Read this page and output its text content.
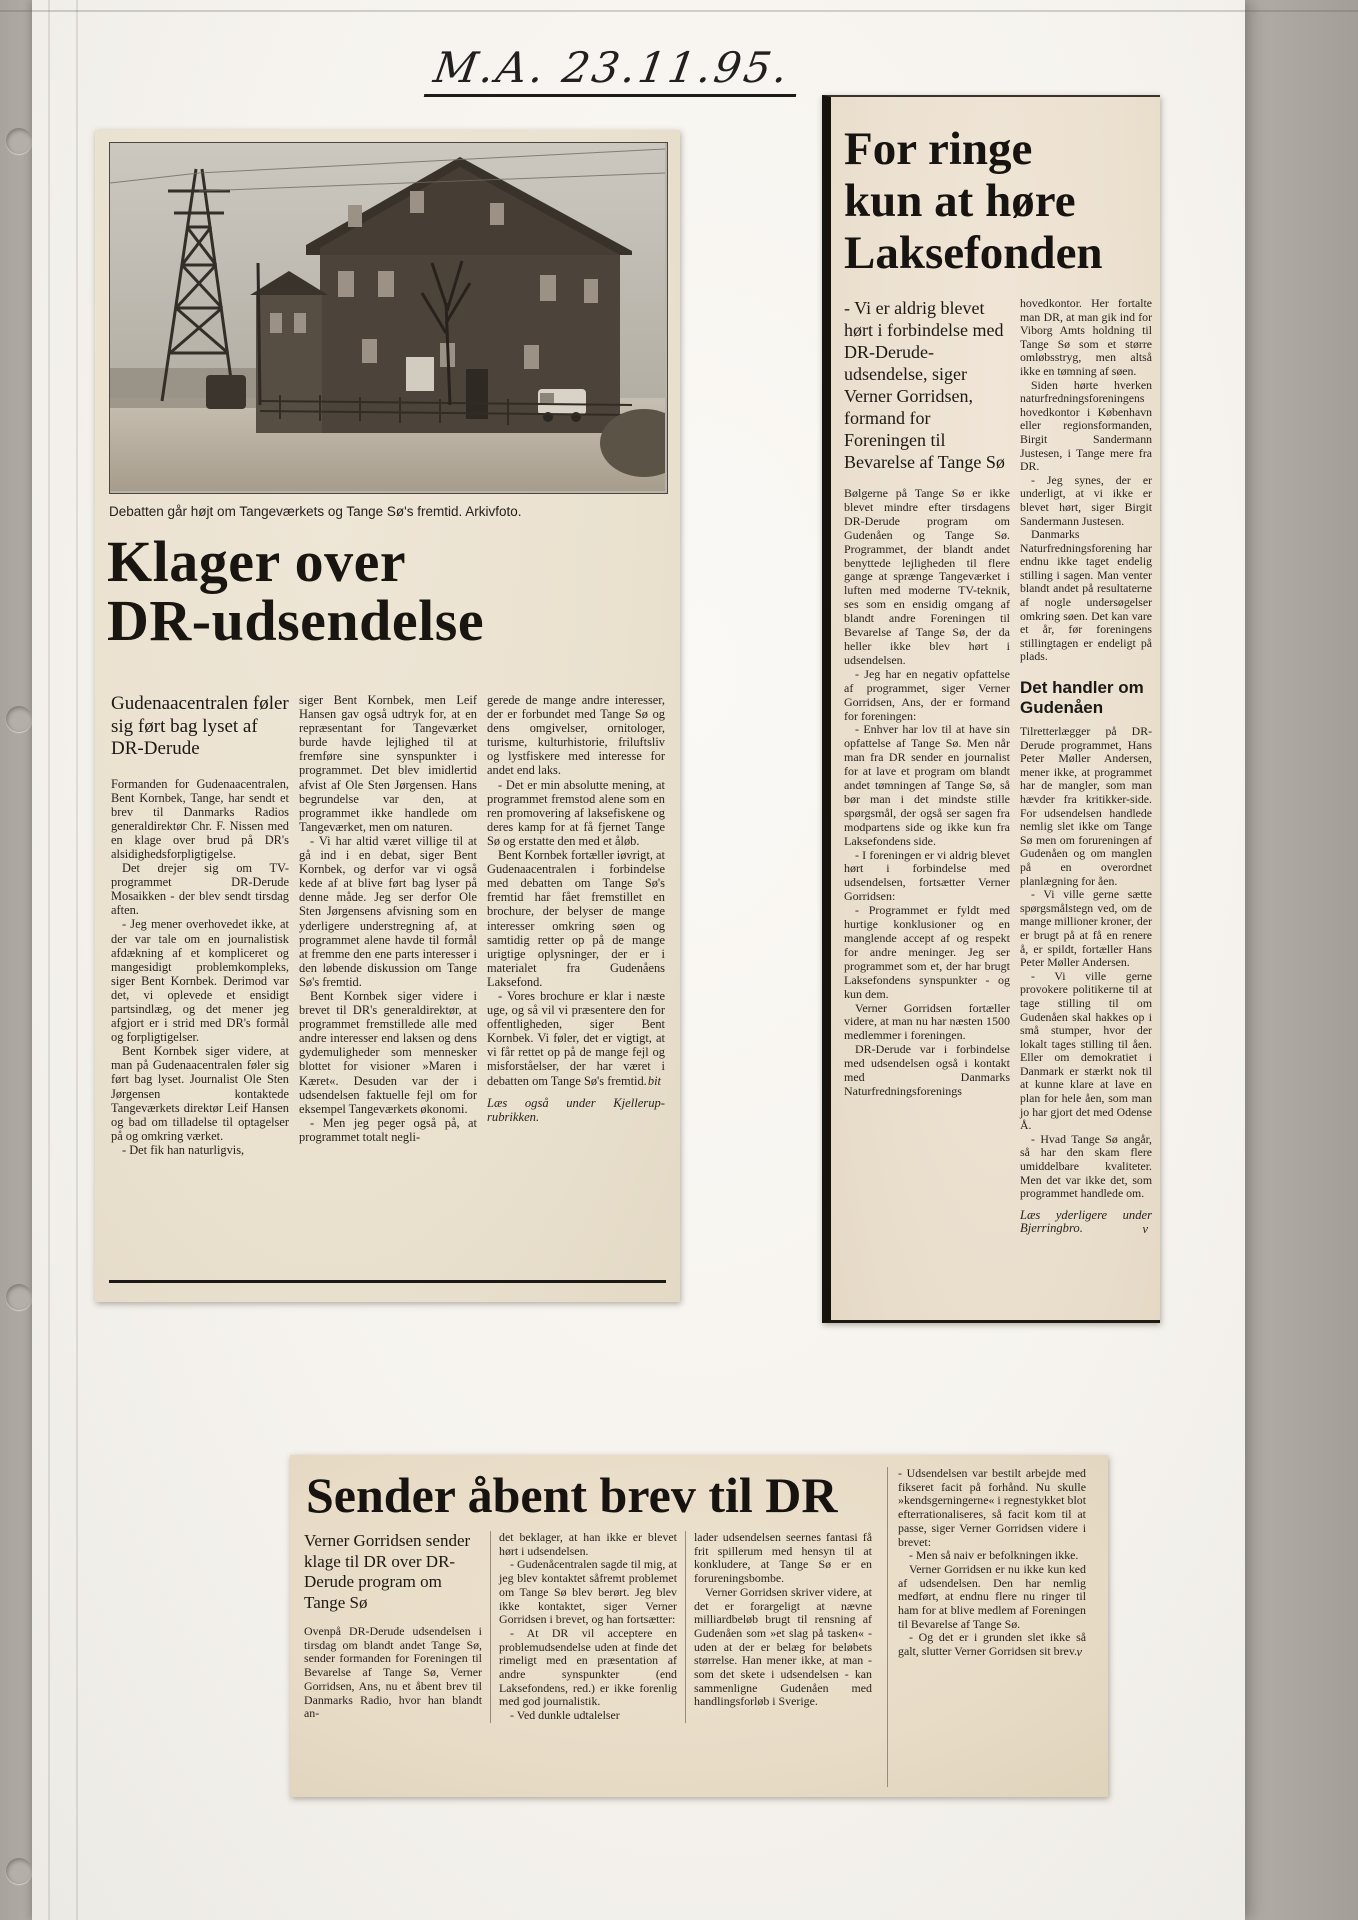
M.A. 23.11.95.
Debatten går højt om Tangeværkets og Tange Sø's fremtid. Arkivfoto.
Klager over
DR-udsendelse
Gudenaacentralen føler sig ført bag lyset af DR-Derude

Formanden for Gudenaacentralen, Bent Kornbek, Tange, har sendt et brev til Danmarks Radios generaldirektør Chr. F. Nissen med en klage over brud på DR's alsidighedsforpligtigelse.

Det drejer sig om TV-programmet DR-Derude Mosaikken - der blev sendt tirsdag aften.

- Jeg mener overhovedet ikke, at der var tale om en journalistisk afdækning af et kompliceret og mangesidigt problemkompleks, siger Bent Kornbek. Derimod var det, vi oplevede et ensidigt partsindlæg, og det mener jeg afgjort er i strid med DR's formål og forpligtigelser.

Bent Kornbek siger videre, at man på Gudenaacentralen føler sig ført bag lyset. Journalist Ole Sten Jørgensen kontaktede Tangeværkets direktør Leif Hansen og bad om tilladelse til optagelser på og omkring værket.

- Det fik han naturligvis,

siger Bent Kornbek, men Leif Hansen gav også udtryk for, at en repræsentant for Tangeværket burde havde lejlighed til at fremføre sine synspunkter i programmet. Det blev imidlertid afvist af Ole Sten Jørgensen. Hans begrundelse var den, at programmet ikke handlede om Tangeværket, men om naturen.

- Vi har altid været villige til at gå ind i en debat, siger Bent Kornbek, og derfor var vi også kede af at blive ført bag lyser på denne måde. Jeg ser derfor Ole Sten Jørgensens afvisning som en yderligere understregning af, at programmet alene havde til formål at fremme den ene parts interesser i den løbende diskussion om Tange Sø's fremtid.

Bent Kornbek siger videre i brevet til DR's generaldirektør, at programmet fremstillede alle med andre interesser end laksen og dens gydemuligheder som mennesker blottet for visioner »Maren i Kæret«. Desuden var der i udsendelsen faktuelle fejl om for eksempel Tangeværkets økonomi.

- Men jeg peger også på, at programmet totalt negli-

gerede de mange andre interesser, der er forbundet med Tange Sø og dens omgivelser, ornitologer, turisme, kulturhistorie, friluftsliv og lystfiskere med interesse for andet end laks.

- Det er min absolutte mening, at programmet fremstod alene som en ren promovering af laksefiskene og deres kamp for at få fjernet Tange Sø og erstatte den med et åløb.

Bent Kornbek fortæller iøvrigt, at Gudenaacentralen i forbindelse med debatten om Tange Sø's fremtid har fået fremstillet en brochure, der belyser de mange interesser omkring søen og samtidig retter op på de mange urigtige oplysninger, der er i materialet fra Gudenåens Laksefond.

- Vores brochure er klar i næste uge, og så vil vi præsentere den for offentligheden, siger Bent Kornbek. Vi føler, det er vigtigt, at vi får rettet op på de mange fejl og misforståelser, der har været i debatten om Tange Sø's fremtid. bit
Læs også under Kjellerup-rubrikken.
For ringe
kun at høre
Laksefonden
- Vi er aldrig blevet hørt i forbindelse med DR-Derude-udsendelse, siger Verner Gorridsen, formand for Foreningen til Bevarelse af Tange Sø

Bølgerne på Tange Sø er ikke blevet mindre efter tirsdagens DR-Derude program om Gudenåen og Tange Sø. Programmet, der blandt andet benyttede lejligheden til flere gange at sprænge Tangeværket i luften med moderne TV-teknik, ses som en ensidig omgang af blandt andre Foreningen til Bevarelse af Tange Sø, der da heller ikke blev hørt i udsendelsen.

- Jeg har en negativ opfattelse af programmet, siger Verner Gorridsen, Ans, der er formand for foreningen:

- Enhver har lov til at have sin opfattelse af Tange Sø. Men når man fra DR sender en journalist for at lave et program om blandt andet tømningen af Tange Sø, så bør man i det mindste stille spørgsmål, der også ser sagen fra modpartens side og ikke kun fra Laksefondens side.

- I foreningen er vi aldrig blevet hørt i forbindelse med udsendelsen, fortsætter Verner Gorridsen:

- Programmet er fyldt med hurtige konklusioner og en manglende accept af og respekt for andre meninger. Jeg ser programmet som et, der har brugt Laksefondens synspunkter - og kun dem.

Verner Gorridsen fortæller videre, at man nu har næsten 1500 medlemmer i foreningen.

DR-Derude var i forbindelse med udsendelsen også i kontakt med Danmarks Naturfredningsforenings

hovedkontor. Her fortalte man DR, at man gik ind for Viborg Amts holdning til Tange Sø som et større omløbsstryg, men altså ikke en tømning af søen.

Siden hørte hverken naturfredningsforeningens hovedkontor i København eller regionsformanden, Birgit Sandermann Justesen, i Tange mere fra DR.

- Jeg synes, der er underligt, at vi ikke er blevet hørt, siger Birgit Sandermann Justesen.

Danmarks Naturfredningsforening har endnu ikke taget endelig stilling i sagen. Man venter blandt andet på resultaterne af nogle undersøgelser omkring søen. Det kan vare et år, før foreningens stillingtagen er endeligt på plads.

Det handler om Gudenåen

Tilretterlægger på DR-Derude programmet, Hans Peter Møller Andersen, mener ikke, at programmet har de mangler, som man hævder fra kritikker-side. For udsendelsen handlede nemlig slet ikke om Tange Sø men om forureningen af Gudenåen og om manglen på en overordnet planlægning for åen.

- Vi ville gerne sætte spørgsmålstegn ved, om de mange millioner kroner, der er brugt på at få en renere å, er spildt, fortæller Hans Peter Møller Andersen.

- Vi ville gerne provokere politikerne til at tage stilling til om Gudenåen skal hakkes op i små stumper, hvor der lokalt tages stilling til åen. Eller om demokratiet i Danmark er stærkt nok til at kunne klare at lave en plan for hele åen, som man jo har gjort det med Odense Å.

- Hvad Tange Sø angår, så har den skam flere umiddelbare kvaliteter. Men det var ikke det, som programmet handlede om.

Læs yderligere under Bjerringbro.	v
Sender åbent brev til DR
Verner Gorridsen sender klage til DR over DR-Derude program om Tange Sø

Ovenpå DR-Derude udsendelsen i tirsdag om blandt andet Tange Sø, sender formanden for Foreningen til Bevarelse af Tange Sø, Verner Gorridsen, Ans, nu et åbent brev til Danmarks Radio, hvor han blandt an-

det beklager, at han ikke er blevet hørt i udsendelsen.

- Gudenåcentralen sagde til mig, at jeg blev kontaktet såfremt problemet om Tange Sø blev berørt. Jeg blev ikke kontaktet, siger Verner Gorridsen i brevet, og han fortsætter:

- At DR vil acceptere en problemudsendelse uden at finde det rimeligt med en præsentation af andre synspunkter (end Laksefondens, red.) er ikke forenlig med god journalistik.

- Ved dunkle udtalelser

lader udsendelsen seernes fantasi få frit spillerum med hensyn til at konkludere, at Tange Sø er en forureningsbombe.

Verner Gorridsen skriver videre, at det er forargeligt at nævne milliardbeløb brugt til rensning af Gudenåen som »et slag på tasken« - uden at der er belæg for beløbets størrelse. Han mener ikke, at man - som det skete i udsendelsen - kan sammenligne Gudenåen med handlingsforløb i Sverige.

- Udsendelsen var bestilt arbejde med fikseret facit på forhånd. Nu skulle »kendsgerningerne« i regnestykket blot efterrationaliseres, så facit kom til at passe, siger Verner Gorridsen videre i brevet:

- Men så naiv er befolkningen ikke.

Verner Gorridsen er nu ikke kun ked af udsendelsen. Den har nemlig medført, at endnu flere nu ringer til ham for at blive medlem af Foreningen til Bevarelse af Tange Sø.

- Og det er i grunden slet ikke så galt, slutter Verner Gorridsen sit brev. v
